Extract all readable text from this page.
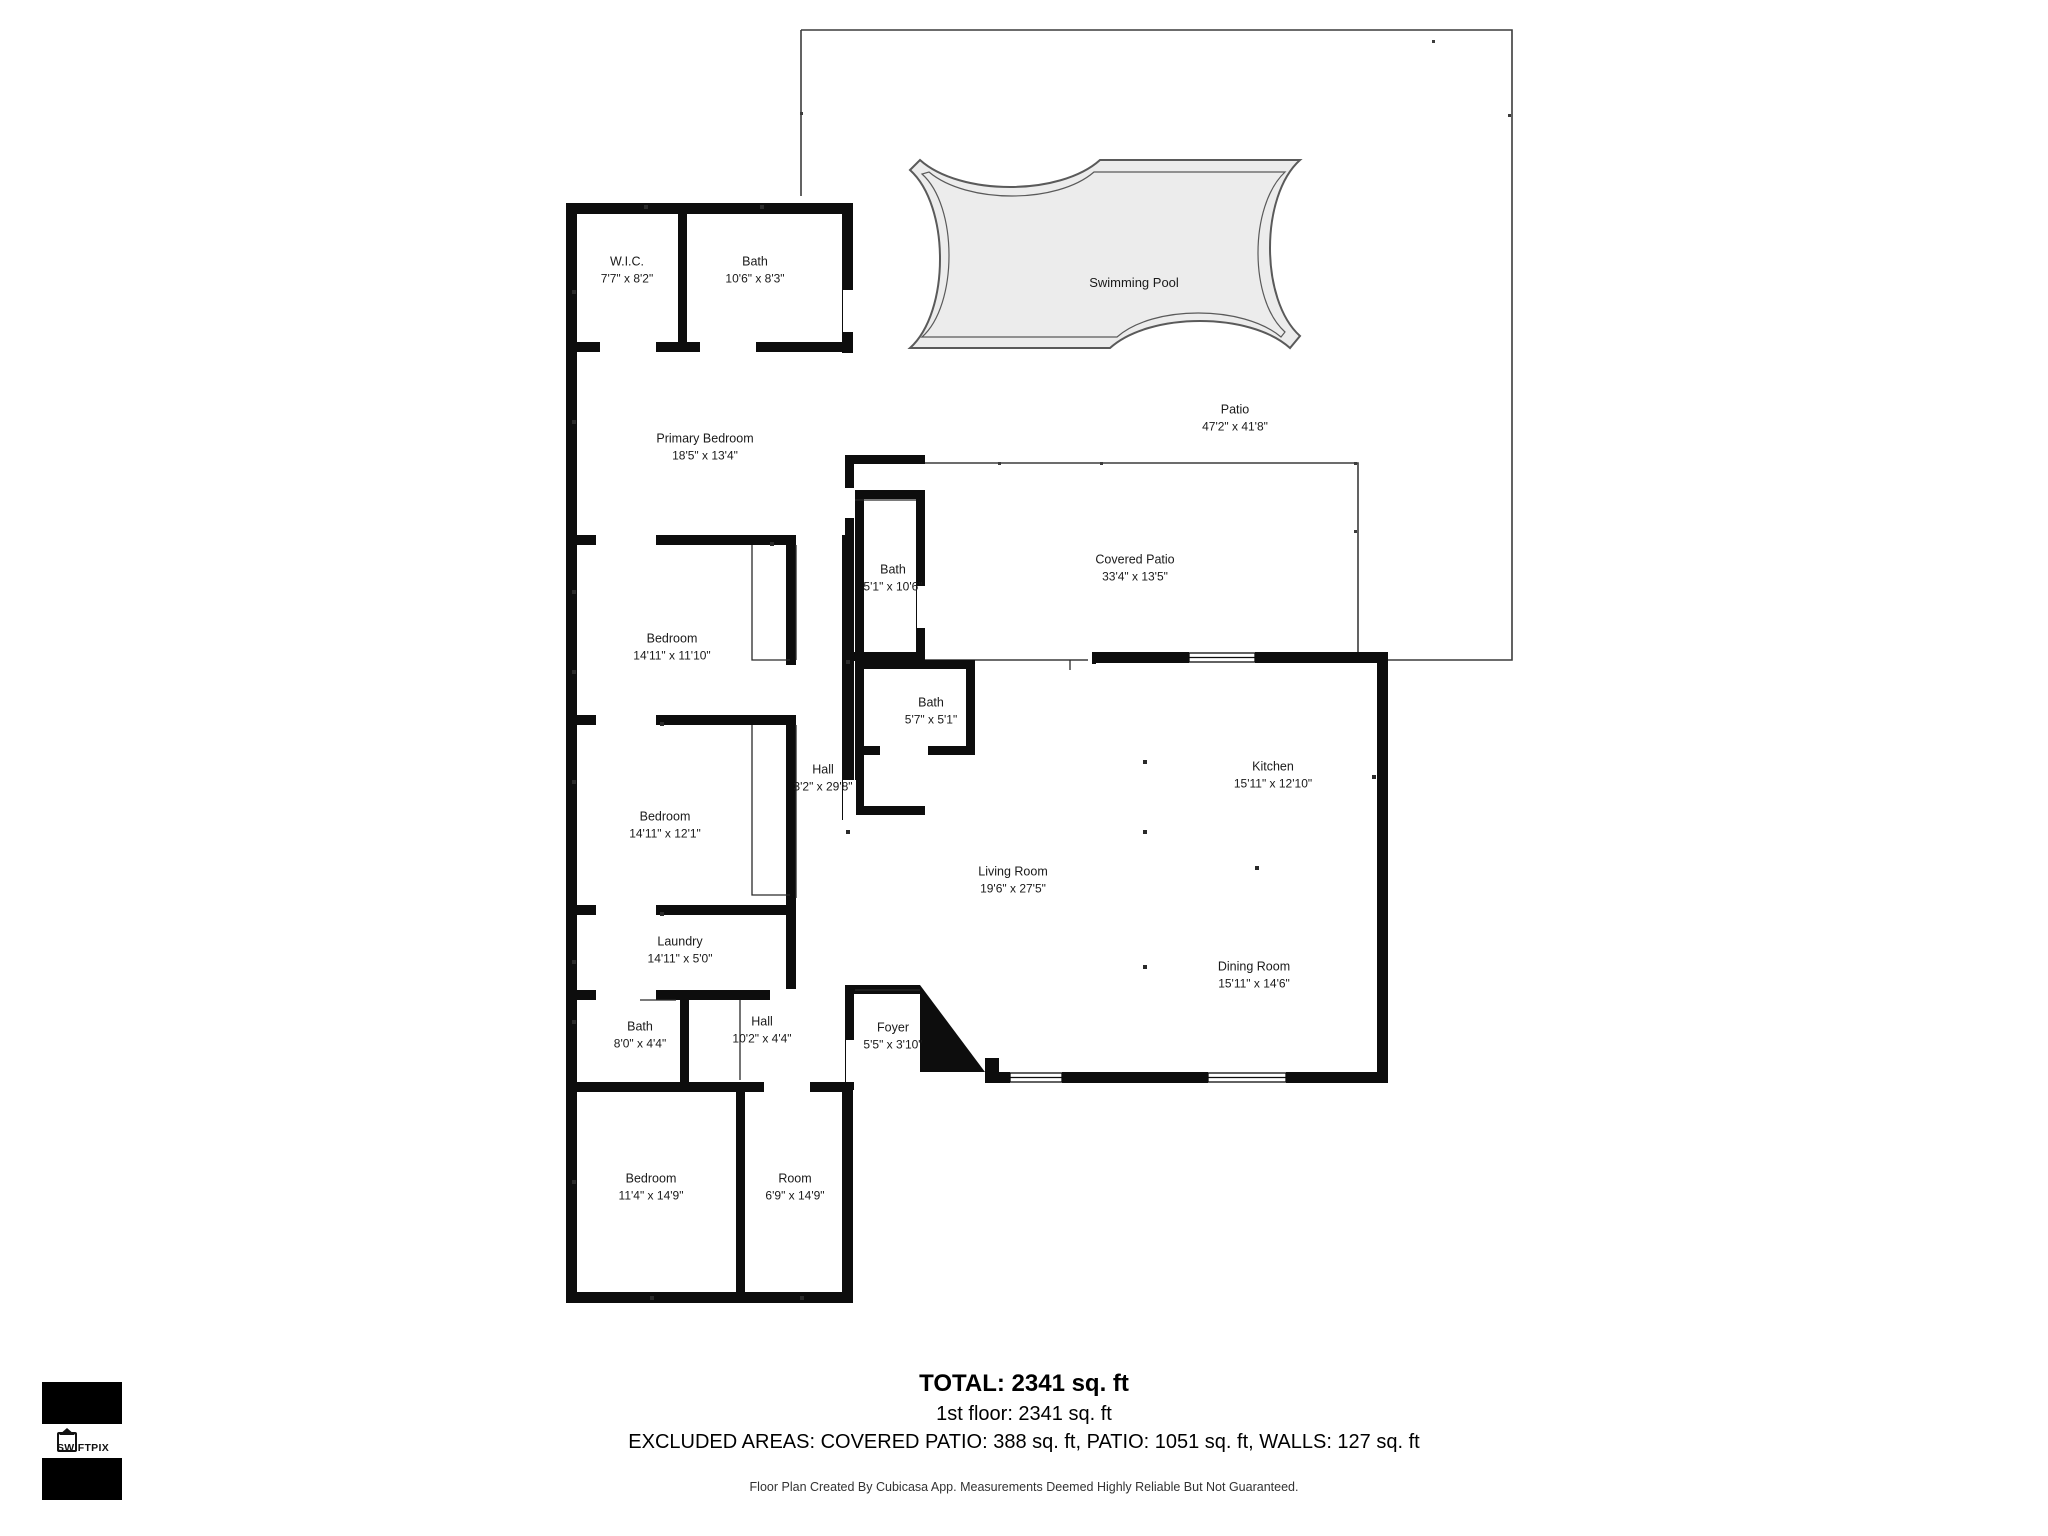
W.I.C.
7'7" x 8'2"
Bath
10'6" x 8'3"
Primary Bedroom
18'5" x 13'4"
Bedroom
14'11" x 11'10"
Bedroom
14'11" x 12'1"
Laundry
14'11" x 5'0"
Bath
8'0" x 4'4"
Hall
10'2" x 4'4"
Bedroom
11'4" x 14'9"
Room
6'9" x 14'9"
Hall
3'2" x 29'8"
Bath
5'1" x 10'6"
Bath
5'7" x 5'1"
Foyer
5'5" x 3'10"
Living Room
19'6" x 27'5"
Kitchen
15'11" x 12'10"
Dining Room
15'11" x 14'6"
Covered Patio
33'4" x 13'5"
Patio
47'2" x 41'8"
Swimming Pool
TOTAL: 2341 sq. ft
1st floor: 2341 sq. ft
EXCLUDED AREAS: COVERED PATIO: 388 sq. ft, PATIO: 1051 sq. ft, WALLS: 127 sq. ft
Floor Plan Created By Cubicasa App. Measurements Deemed Highly Reliable But Not Guaranteed.
SWIFTPIX
